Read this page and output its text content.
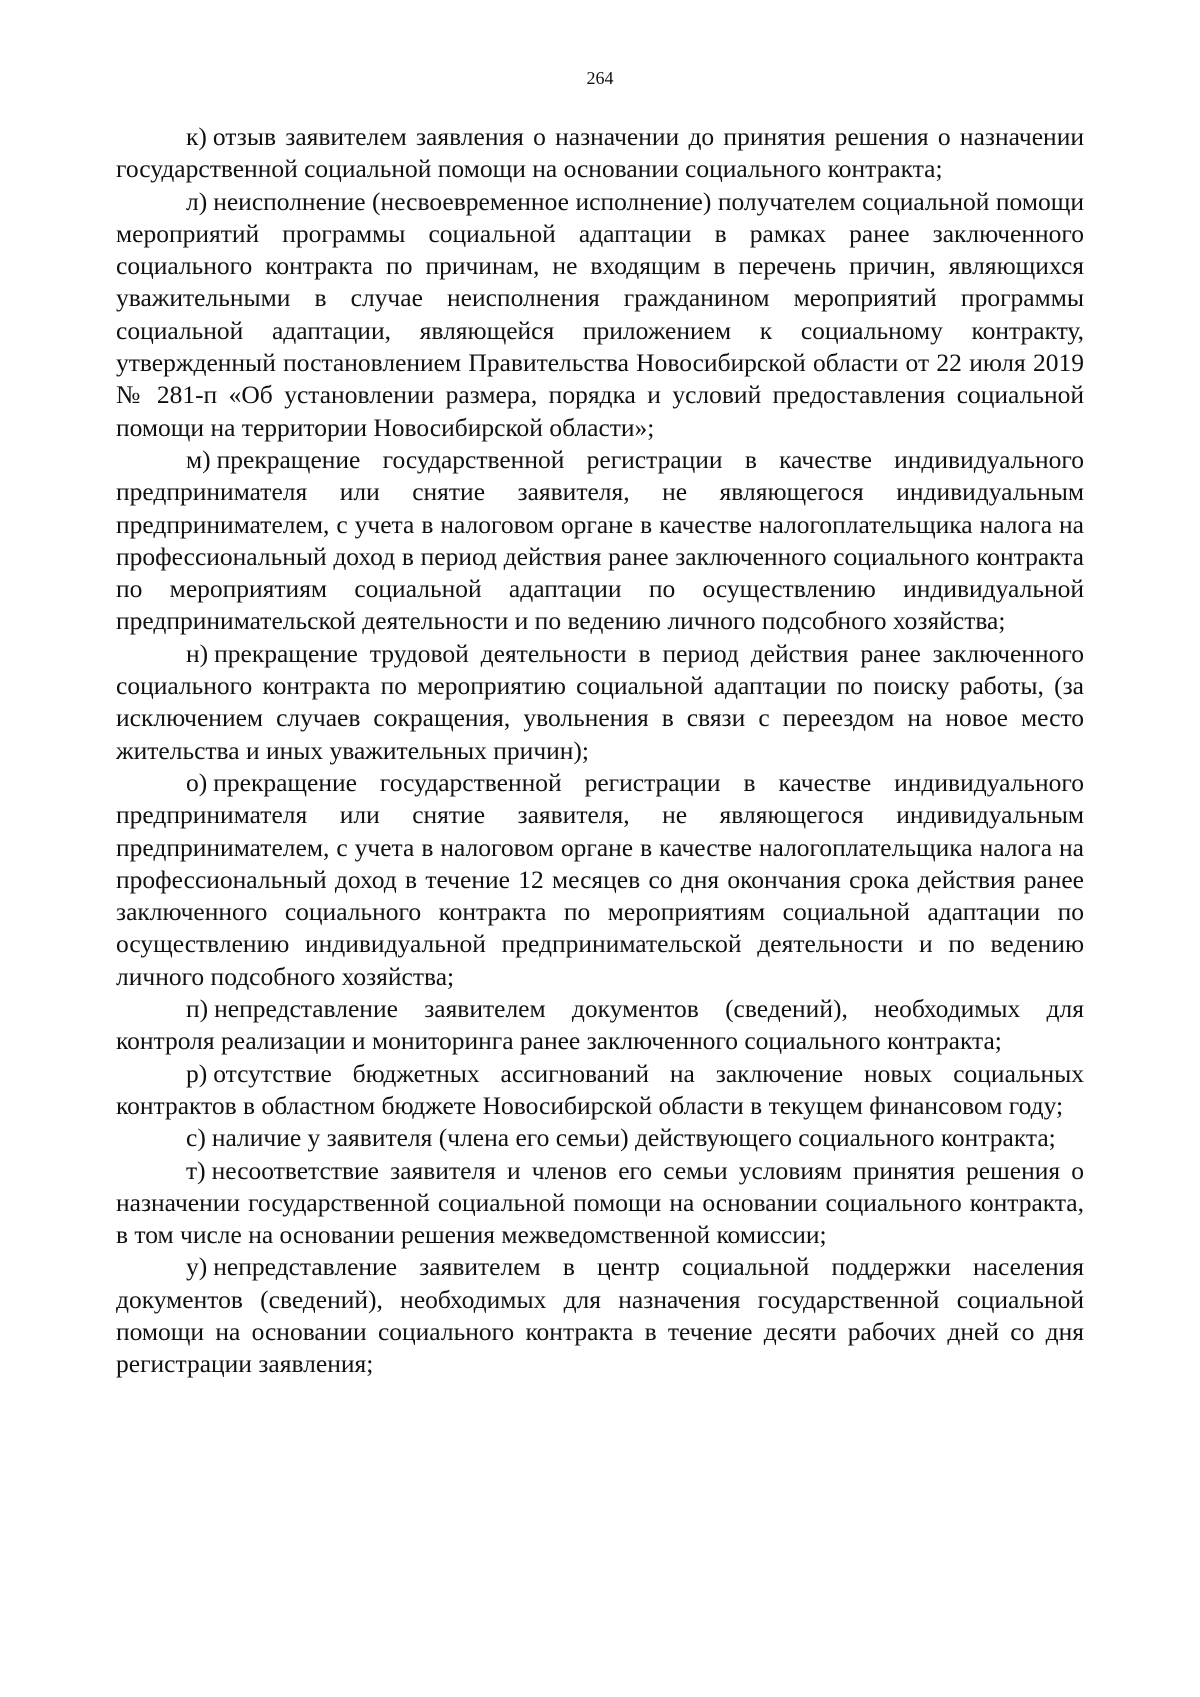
264

к) отзыв заявителем заявления о назначении до принятия решения о назначении государственной социальной помощи на основании социального контракта;

л) неисполнение (несвоевременное исполнение) получателем социальной помощи мероприятий программы социальной адаптации в рамках ранее заключенного социального контракта по причинам, не входящим в перечень причин, являющихся уважительными в случае неисполнения гражданином мероприятий программы социальной адаптации, являющейся приложением к социальному контракту, утвержденный постановлением Правительства Новосибирской области от 22 июля 2019 № 281-п «Об установлении размера, порядка и условий предоставления социальной помощи на территории Новосибирской области»;

м) прекращение государственной регистрации в качестве индивидуального предпринимателя или снятие заявителя, не являющегося индивидуальным предпринимателем, с учета в налоговом органе в качестве налогоплательщика налога на профессиональный доход в период действия ранее заключенного социального контракта по мероприятиям социальной адаптации по осуществлению индивидуальной предпринимательской деятельности и по ведению личного подсобного хозяйства;

н) прекращение трудовой деятельности в период действия ранее заключенного социального контракта по мероприятию социальной адаптации по поиску работы, (за исключением случаев сокращения, увольнения в связи с переездом на новое место жительства и иных уважительных причин);

о) прекращение государственной регистрации в качестве индивидуального предпринимателя или снятие заявителя, не являющегося индивидуальным предпринимателем, с учета в налоговом органе в качестве налогоплательщика налога на профессиональный доход в течение 12 месяцев со дня окончания срока действия ранее заключенного социального контракта по мероприятиям социальной адаптации по осуществлению индивидуальной предпринимательской деятельности и по ведению личного подсобного хозяйства;

п) непредставление заявителем документов (сведений), необходимых для контроля реализации и мониторинга ранее заключенного социального контракта;

р) отсутствие бюджетных ассигнований на заключение новых социальных контрактов в областном бюджете Новосибирской области в текущем финансовом году;

с) наличие у заявителя (члена его семьи) действующего социального контракта;

т) несоответствие заявителя и членов его семьи условиям принятия решения о назначении государственной социальной помощи на основании социального контракта, в том числе на основании решения межведомственной комиссии;

у) непредставление заявителем в центр социальной поддержки населения документов (сведений), необходимых для назначения государственной социальной помощи на основании социального контракта в течение десяти рабочих дней со дня регистрации заявления;
